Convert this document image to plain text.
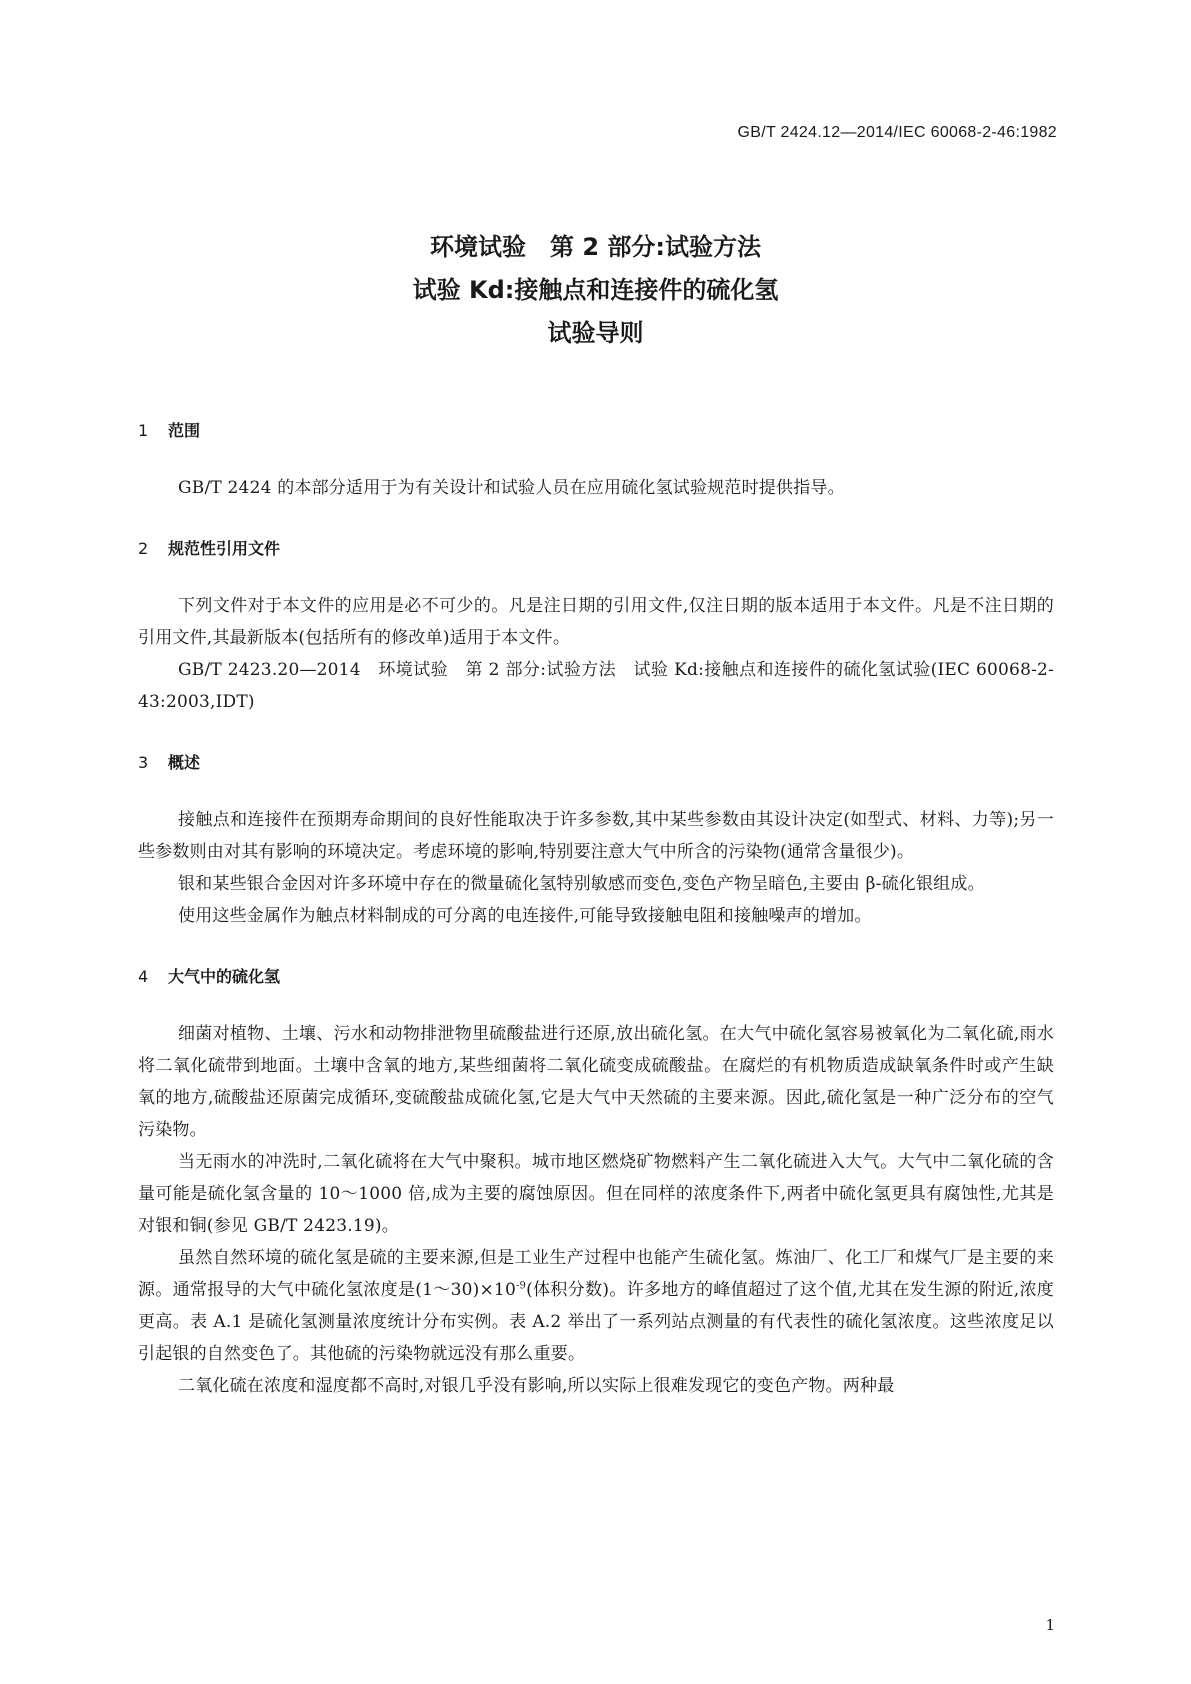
GB/T 2424.12—2014/IEC 60068-2-46:1982
环境试验　第 2 部分:试验方法
试验 Kd:接触点和连接件的硫化氢
试验导则
1 范围

GB/T 2424 的本部分适用于为有关设计和试验人员在应用硫化氢试验规范时提供指导。

2 规范性引用文件

下列文件对于本文件的应用是必不可少的。凡是注日期的引用文件,仅注日期的版本适用于本文件。凡是不注日期的引用文件,其最新版本(包括所有的修改单)适用于本文件。

GB/T 2423.20—2014　环境试验　第 2 部分:试验方法　试验 Kd:接触点和连接件的硫化氢试验(IEC 60068-2-43:2003,IDT)

3 概述

接触点和连接件在预期寿命期间的良好性能取决于许多参数,其中某些参数由其设计决定(如型式、材料、力等);另一些参数则由对其有影响的环境决定。考虑环境的影响,特别要注意大气中所含的污染物(通常含量很少)。

银和某些银合金因对许多环境中存在的微量硫化氢特别敏感而变色,变色产物呈暗色,主要由 β-硫化银组成。

使用这些金属作为触点材料制成的可分离的电连接件,可能导致接触电阻和接触噪声的增加。

4 大气中的硫化氢

细菌对植物、土壤、污水和动物排泄物里硫酸盐进行还原,放出硫化氢。在大气中硫化氢容易被氧化为二氧化硫,雨水将二氧化硫带到地面。土壤中含氧的地方,某些细菌将二氧化硫变成硫酸盐。在腐烂的有机物质造成缺氧条件时或产生缺氧的地方,硫酸盐还原菌完成循环,变硫酸盐成硫化氢,它是大气中天然硫的主要来源。因此,硫化氢是一种广泛分布的空气污染物。

当无雨水的冲洗时,二氧化硫将在大气中聚积。城市地区燃烧矿物燃料产生二氧化硫进入大气。大气中二氧化硫的含量可能是硫化氢含量的 10～1000 倍,成为主要的腐蚀原因。但在同样的浓度条件下,两者中硫化氢更具有腐蚀性,尤其是对银和铜(参见 GB/T 2423.19)。

虽然自然环境的硫化氢是硫的主要来源,但是工业生产过程中也能产生硫化氢。炼油厂、化工厂和煤气厂是主要的来源。通常报导的大气中硫化氢浓度是$(1\sim 30)\times 10^{-9}$(体积分数)。许多地方的峰值超过了这个值,尤其在发生源的附近,浓度更高。表 A.1 是硫化氢测量浓度统计分布实例。表 A.2 举出了一系列站点测量的有代表性的硫化氢浓度。这些浓度足以引起银的自然变色了。其他硫的污染物就远没有那么重要。

二氧化硫在浓度和湿度都不高时,对银几乎没有影响,所以实际上很难发现它的变色产物。两种最

1
